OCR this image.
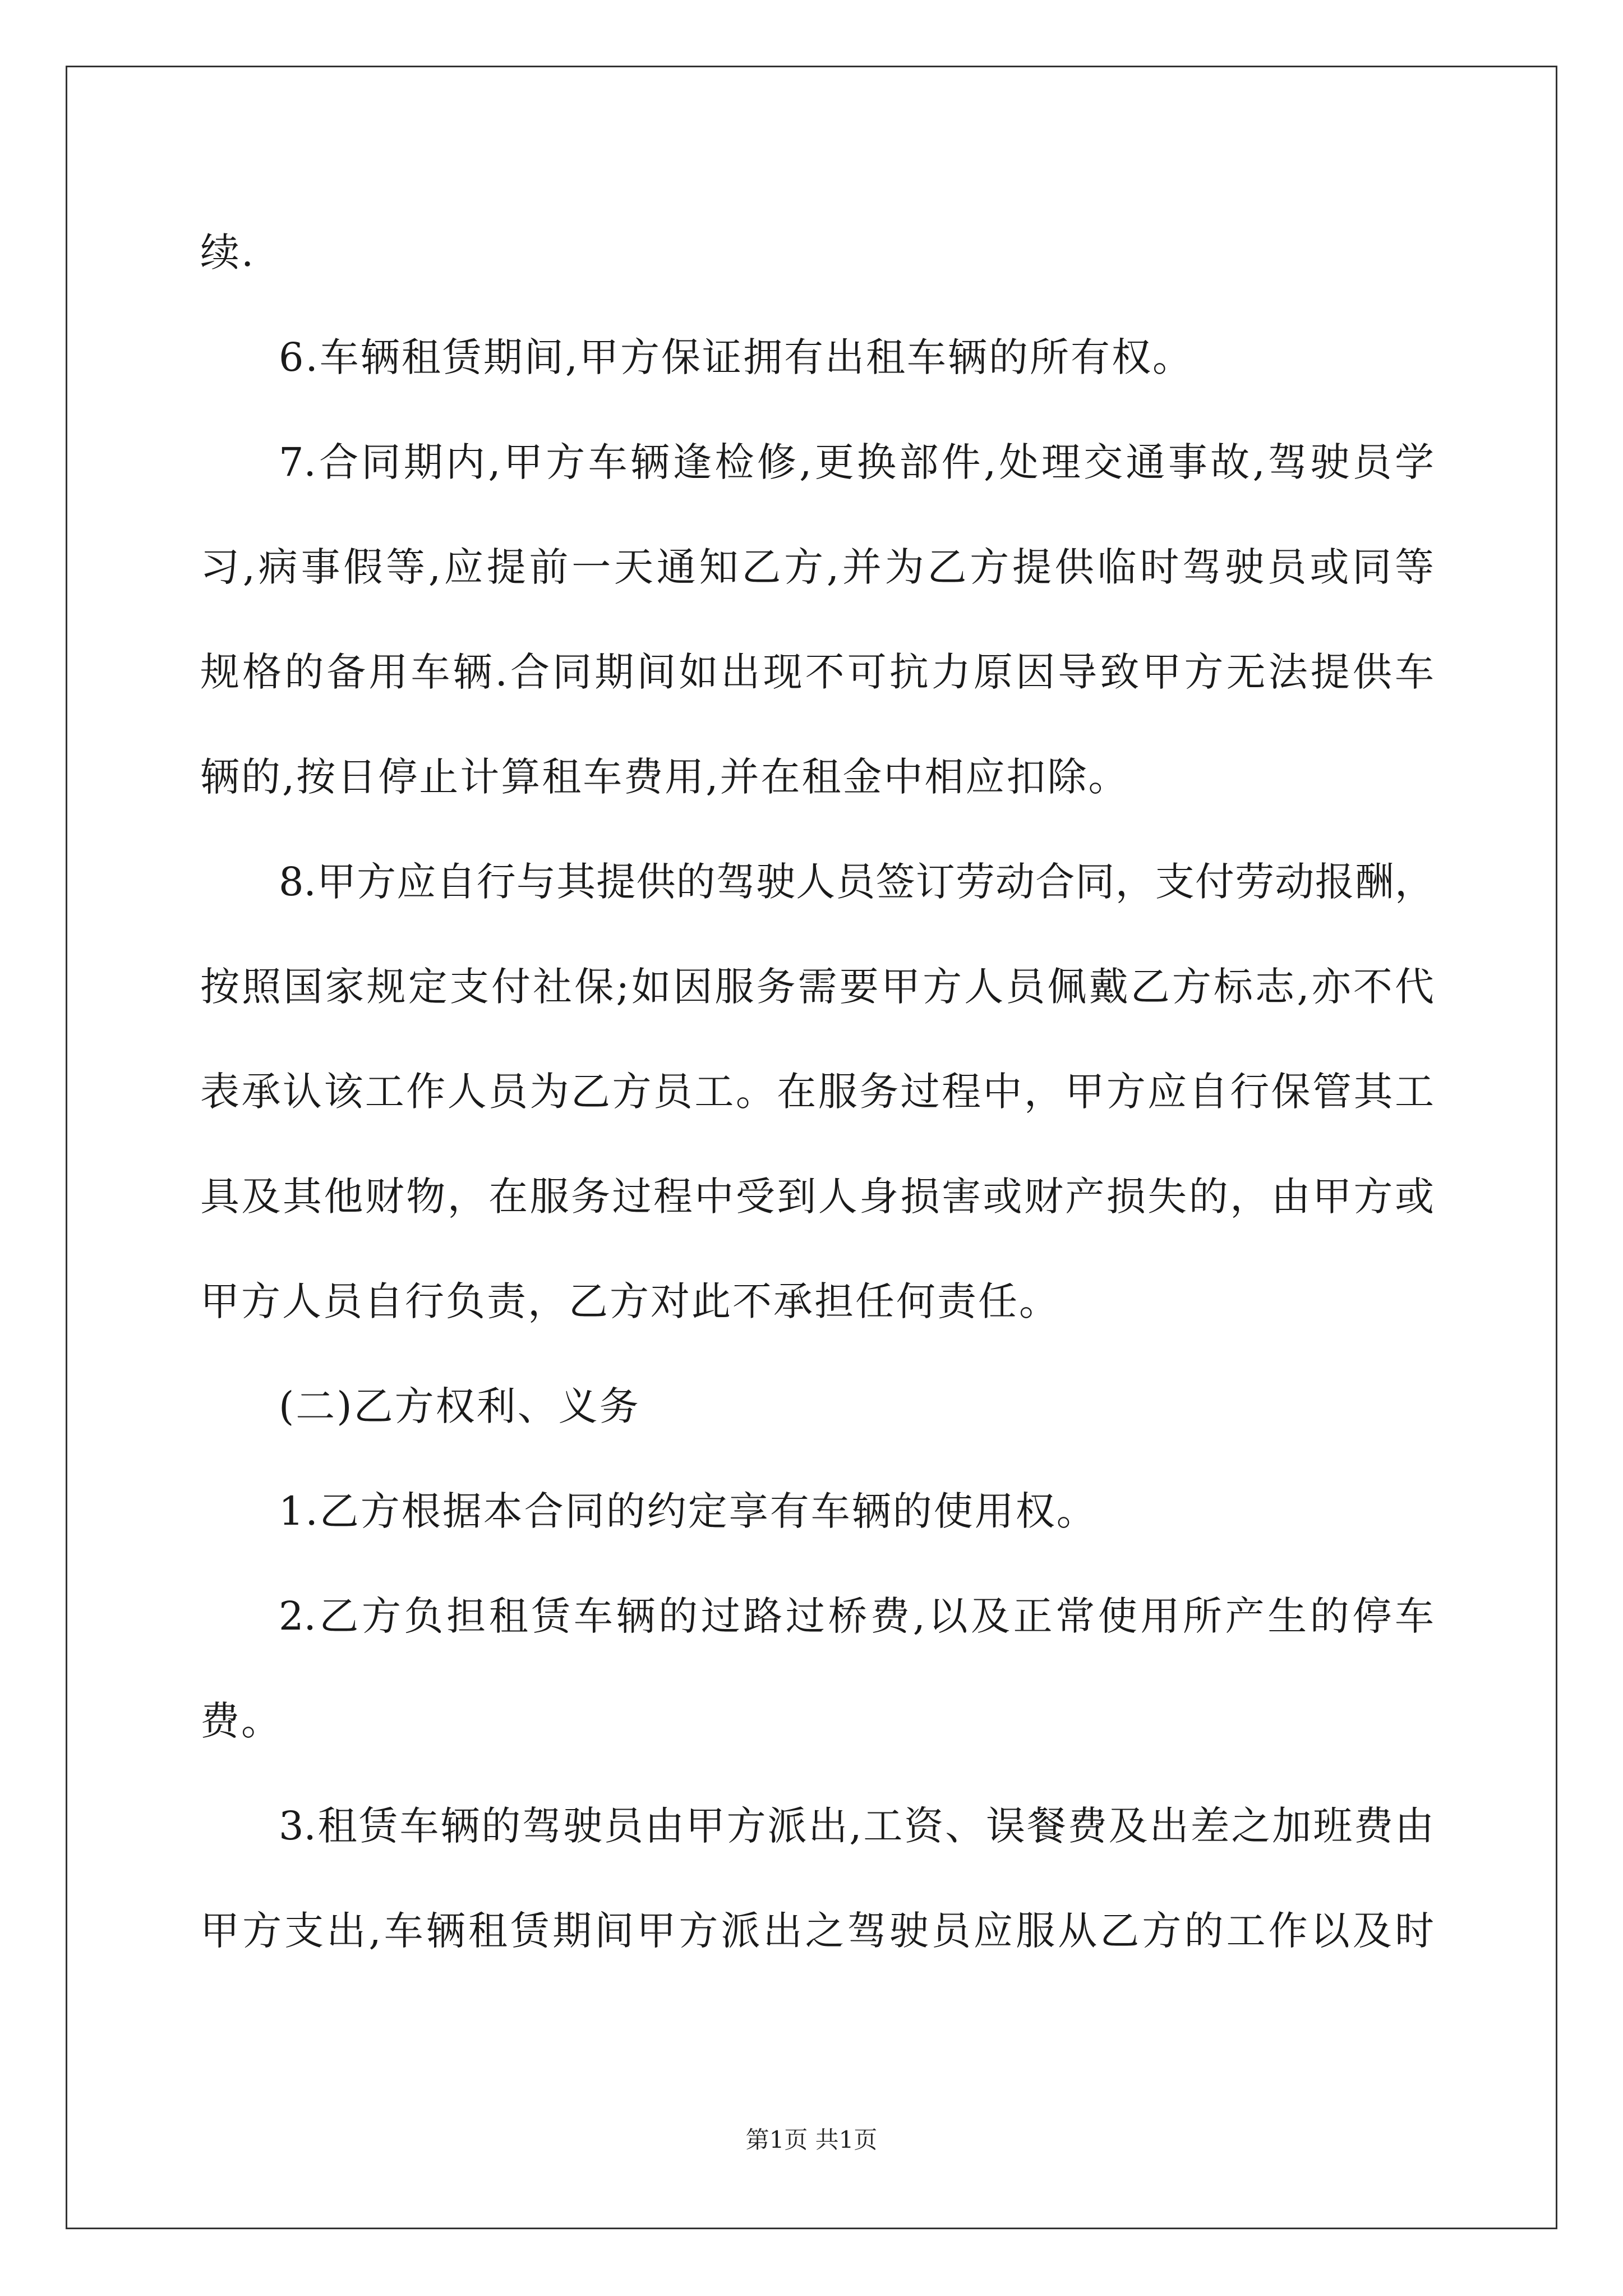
续.
6.车辆租赁期间,甲方保证拥有出租车辆的所有权。
7.合同期内,甲方车辆逢检修,更换部件,处理交通事故,驾驶员学
习,病事假等,应提前一天通知乙方,并为乙方提供临时驾驶员或同等
规格的备用车辆.合同期间如出现不可抗力原因导致甲方无法提供车
辆的,按日停止计算租车费用,并在租金中相应扣除。
8.甲方应自行与其提供的驾驶人员签订劳动合同，支付劳动报酬，
按照国家规定支付社保;如因服务需要甲方人员佩戴乙方标志,亦不代
表承认该工作人员为乙方员工。在服务过程中，甲方应自行保管其工
具及其他财物，在服务过程中受到人身损害或财产损失的，由甲方或
甲方人员自行负责，乙方对此不承担任何责任。
(二)乙方权利、义务
1.乙方根据本合同的约定享有车辆的使用权。
2.乙方负担租赁车辆的过路过桥费,以及正常使用所产生的停车
费。
3.租赁车辆的驾驶员由甲方派出,工资、误餐费及出差之加班费由
甲方支出,车辆租赁期间甲方派出之驾驶员应服从乙方的工作以及时
第1页 共1页
